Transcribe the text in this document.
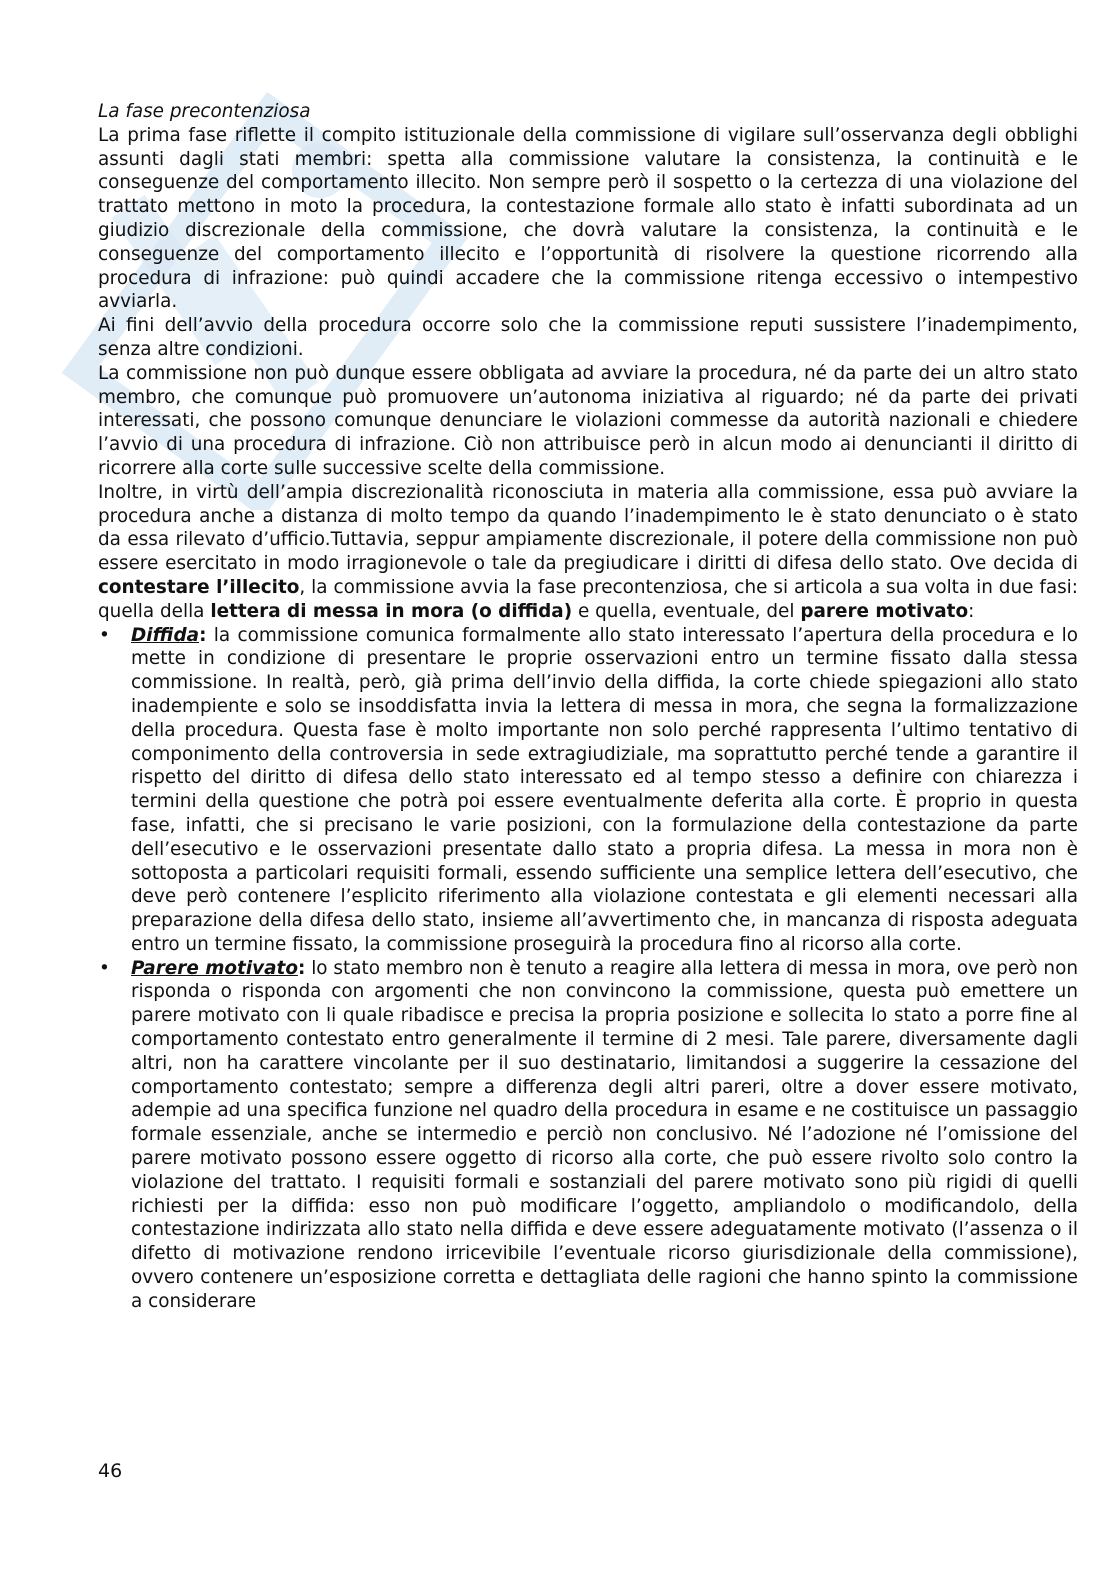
La fase precontenziosa

La prima fase riflette il compito istituzionale della commissione di vigilare sull’osservanza degli obblighi assunti dagli stati membri: spetta alla commissione valutare la consistenza, la continuità e le conseguenze del comportamento illecito. Non sempre però il sospetto o la certezza di una violazione del trattato mettono in moto la procedura, la contestazione formale allo stato è infatti subordinata ad un giudizio discrezionale della commissione, che dovrà valutare la consistenza, la continuità e le conseguenze del comportamento illecito e l’opportunità di risolvere la questione ricorrendo alla procedura di infrazione: può quindi accadere che la commissione ritenga eccessivo o intempestivo avviarla.

Ai fini dell’avvio della procedura occorre solo che la commissione reputi sussistere l’inadempimento, senza altre condizioni.

La commissione non può dunque essere obbligata ad avviare la procedura, né da parte dei un altro stato membro, che comunque può promuovere un’autonoma iniziativa al riguardo; né da parte dei privati interessati, che possono comunque denunciare le violazioni commesse da autorità nazionali e chiedere l’avvio di una procedura di infrazione. Ciò non attribuisce però in alcun modo ai denuncianti il diritto di ricorrere alla corte sulle successive scelte della commissione.

Inoltre, in virtù dell’ampia discrezionalità riconosciuta in materia alla commissione, essa può avviare la procedura anche a distanza di molto tempo da quando l’inadempimento le è stato denunciato o è stato da essa rilevato d’ufficio.Tuttavia, seppur ampiamente discrezionale, il potere della commissione non può essere esercitato in modo irragionevole o tale da pregiudicare i diritti di difesa dello stato. Ove decida di contestare l’illecito, la commissione avvia la fase precontenziosa, che si articola a sua volta in due fasi: quella della lettera di messa in mora (o diffida) e quella, eventuale, del parere motivato:

• Diffida: la commissione comunica formalmente allo stato interessato l’apertura della procedura e lo mette in condizione di presentare le proprie osservazioni entro un termine fissato dalla stessa commissione. In realtà, però, già prima dell’invio della diffida, la corte chiede spiegazioni allo stato inadempiente e solo se insoddisfatta invia la lettera di messa in mora, che segna la formalizzazione della procedura. Questa fase è molto importante non solo perché rappresenta l’ultimo tentativo di componimento della controversia in sede extragiudiziale, ma soprattutto perché tende a garantire il rispetto del diritto di difesa dello stato interessato ed al tempo stesso a definire con chiarezza i termini della questione che potrà poi essere eventualmente deferita alla corte. È proprio in questa fase, infatti, che si precisano le varie posizioni, con la formulazione della contestazione da parte dell’esecutivo e le osservazioni presentate dallo stato a propria difesa. La messa in mora non è sottoposta a particolari requisiti formali, essendo sufficiente una semplice lettera dell’esecutivo, che deve però contenere l’esplicito riferimento alla violazione contestata e gli elementi necessari alla preparazione della difesa dello stato, insieme all’avvertimento che, in mancanza di risposta adeguata entro un termine fissato, la commissione proseguirà la procedura fino al ricorso alla corte.
• Parere motivato: lo stato membro non è tenuto a reagire alla lettera di messa in mora, ove però non risponda o risponda con argomenti che non convincono la commissione, questa può emettere un parere motivato con li quale ribadisce e precisa la propria posizione e sollecita lo stato a porre fine al comportamento contestato entro generalmente il termine di 2 mesi. Tale parere, diversamente dagli altri, non ha carattere vincolante per il suo destinatario, limitandosi a suggerire la cessazione del comportamento contestato; sempre a differenza degli altri pareri, oltre a dover essere motivato, adempie ad una specifica funzione nel quadro della procedura in esame e ne costituisce un passaggio formale essenziale, anche se intermedio e perciò non conclusivo. Né l’adozione né l’omissione del parere motivato possono essere oggetto di ricorso alla corte, che può essere rivolto solo contro la violazione del trattato. I requisiti formali e sostanziali del parere motivato sono più rigidi di quelli richiesti per la diffida: esso non può modificare l’oggetto, ampliandolo o modificandolo, della contestazione indirizzata allo stato nella diffida e deve essere adeguatamente motivato (l’assenza o il difetto di motivazione rendono irricevibile l’eventuale ricorso giurisdizionale della commissione), ovvero contenere un’esposizione corretta e dettagliata delle ragioni che hanno spinto la commissione a considerare
46
